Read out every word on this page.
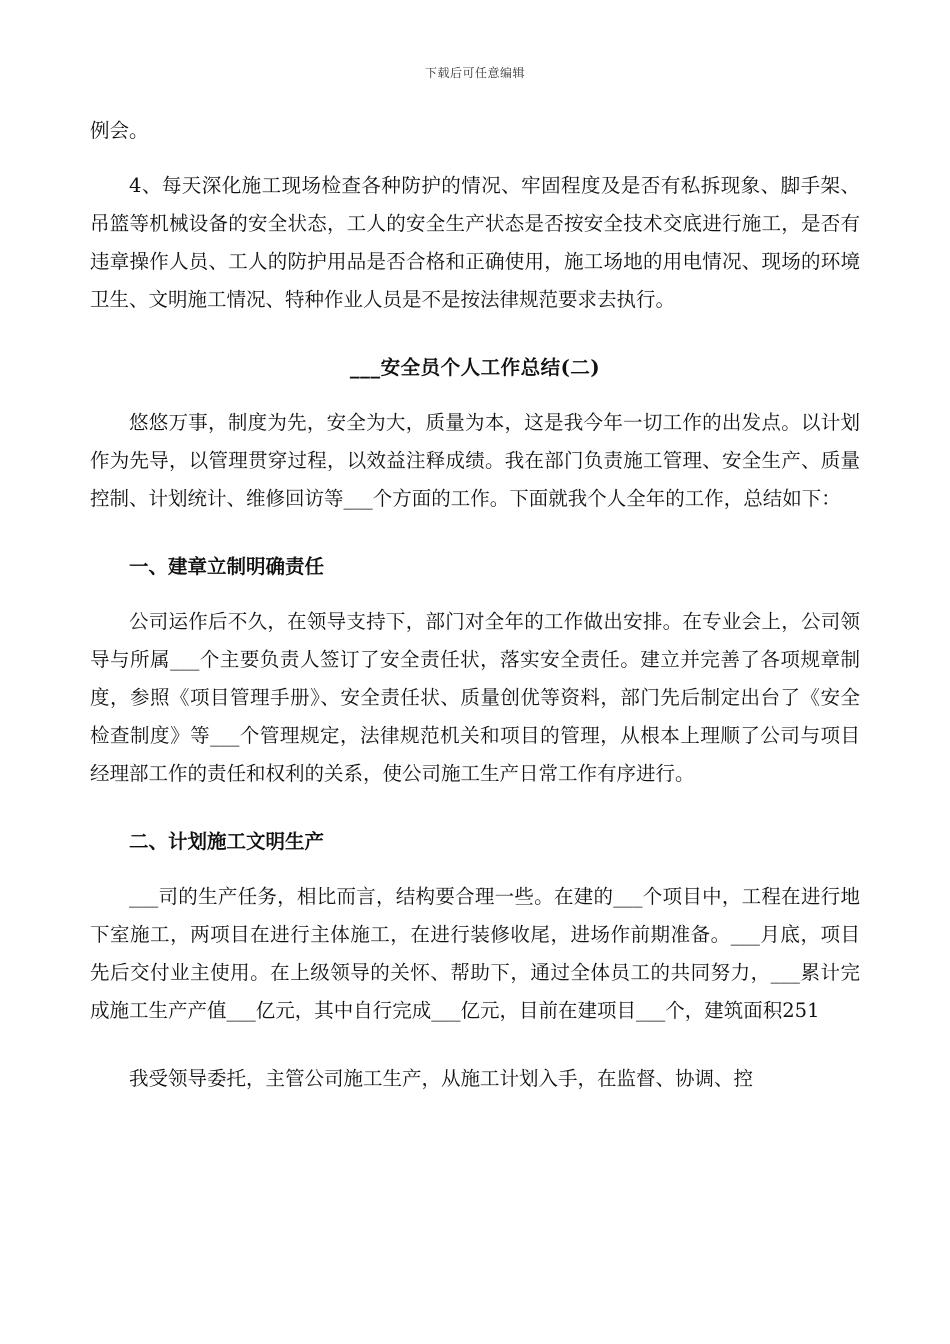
下载后可任意编辑

例会。

4、每天深化施工现场检查各种防护的情况、牢固程度及是否有私拆现象、脚手架、吊篮等机械设备的安全状态，工人的安全生产状态是否按安全技术交底进行施工，是否有违章操作人员、工人的防护用品是否合格和正确使用，施工场地的用电情况、现场的环境卫生、文明施工情况、特种作业人员是不是按法律规范要求去执行。

___安全员个人工作总结(二)

悠悠万事，制度为先，安全为大，质量为本，这是我今年一切工作的出发点。以计划作为先导，以管理贯穿过程，以效益注释成绩。我在部门负责施工管理、安全生产、质量控制、计划统计、维修回访等___个方面的工作。下面就我个人全年的工作，总结如下：

一、建章立制明确责任

公司运作后不久，在领导支持下，部门对全年的工作做出安排。在专业会上，公司领导与所属___个主要负责人签订了安全责任状，落实安全责任。建立并完善了各项规章制度，参照《项目管理手册》、安全责任状、质量创优等资料，部门先后制定出台了《安全检查制度》等___个管理规定，法律规范机关和项目的管理，从根本上理顺了公司与项目经理部工作的责任和权利的关系，使公司施工生产日常工作有序进行。

二、计划施工文明生产

___司的生产任务，相比而言，结构要合理一些。在建的___个项目中，工程在进行地下室施工，两项目在进行主体施工，在进行装修收尾，进场作前期准备。___月底，项目先后交付业主使用。在上级领导的关怀、帮助下，通过全体员工的共同努力，___累计完成施工生产产值___亿元，其中自行完成___亿元，目前在建项目___个，建筑面积251

我受领导委托，主管公司施工生产，从施工计划入手，在监督、协调、控
